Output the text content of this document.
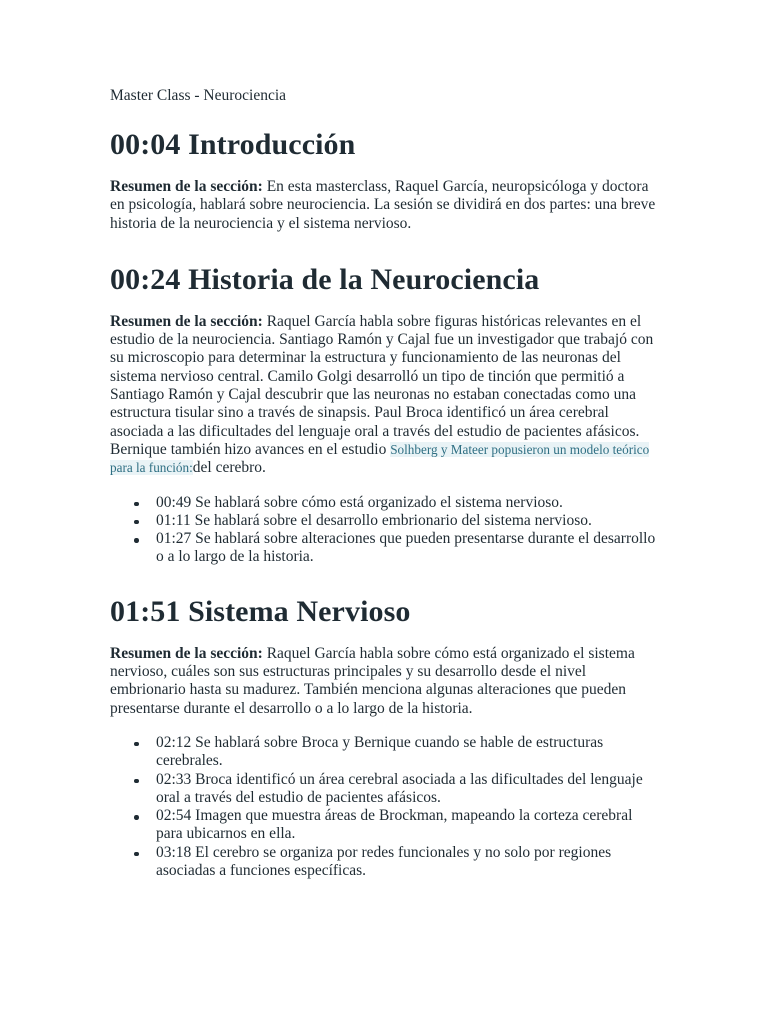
Master Class - Neurociencia
00:04 Introducción

Resumen de la sección: En esta masterclass, Raquel García, neuropsicóloga y doctora en psicología, hablará sobre neurociencia. La sesión se dividirá en dos partes: una breve historia de la neurociencia y el sistema nervioso.

00:24 Historia de la Neurociencia

Resumen de la sección: Raquel García habla sobre figuras históricas relevantes en el estudio de la neurociencia. Santiago Ramón y Cajal fue un investigador que trabajó con su microscopio para determinar la estructura y funcionamiento de las neuronas del sistema nervioso central. Camilo Golgi desarrolló un tipo de tinción que permitió a Santiago Ramón y Cajal descubrir que las neuronas no estaban conectadas como una estructura tisular sino a través de sinapsis. Paul Broca identificó un área cerebral asociada a las dificultades del lenguaje oral a través del estudio de pacientes afásicos. Bernique también hizo avances en el estudio Solhberg y Mateer popusieron un modelo teórico para la función:del cerebro.

00:49 Se hablará sobre cómo está organizado el sistema nervioso.
01:11 Se hablará sobre el desarrollo embrionario del sistema nervioso.
01:27 Se hablará sobre alteraciones que pueden presentarse durante el desarrollo o a lo largo de la historia.
01:51 Sistema Nervioso

Resumen de la sección: Raquel García habla sobre cómo está organizado el sistema nervioso, cuáles son sus estructuras principales y su desarrollo desde el nivel embrionario hasta su madurez. También menciona algunas alteraciones que pueden presentarse durante el desarrollo o a lo largo de la historia.

02:12 Se hablará sobre Broca y Bernique cuando se hable de estructuras cerebrales.
02:33 Broca identificó un área cerebral asociada a las dificultades del lenguaje oral a través del estudio de pacientes afásicos.
02:54 Imagen que muestra áreas de Brockman, mapeando la corteza cerebral para ubicarnos en ella.
03:18 El cerebro se organiza por redes funcionales y no solo por regiones asociadas a funciones específicas.
